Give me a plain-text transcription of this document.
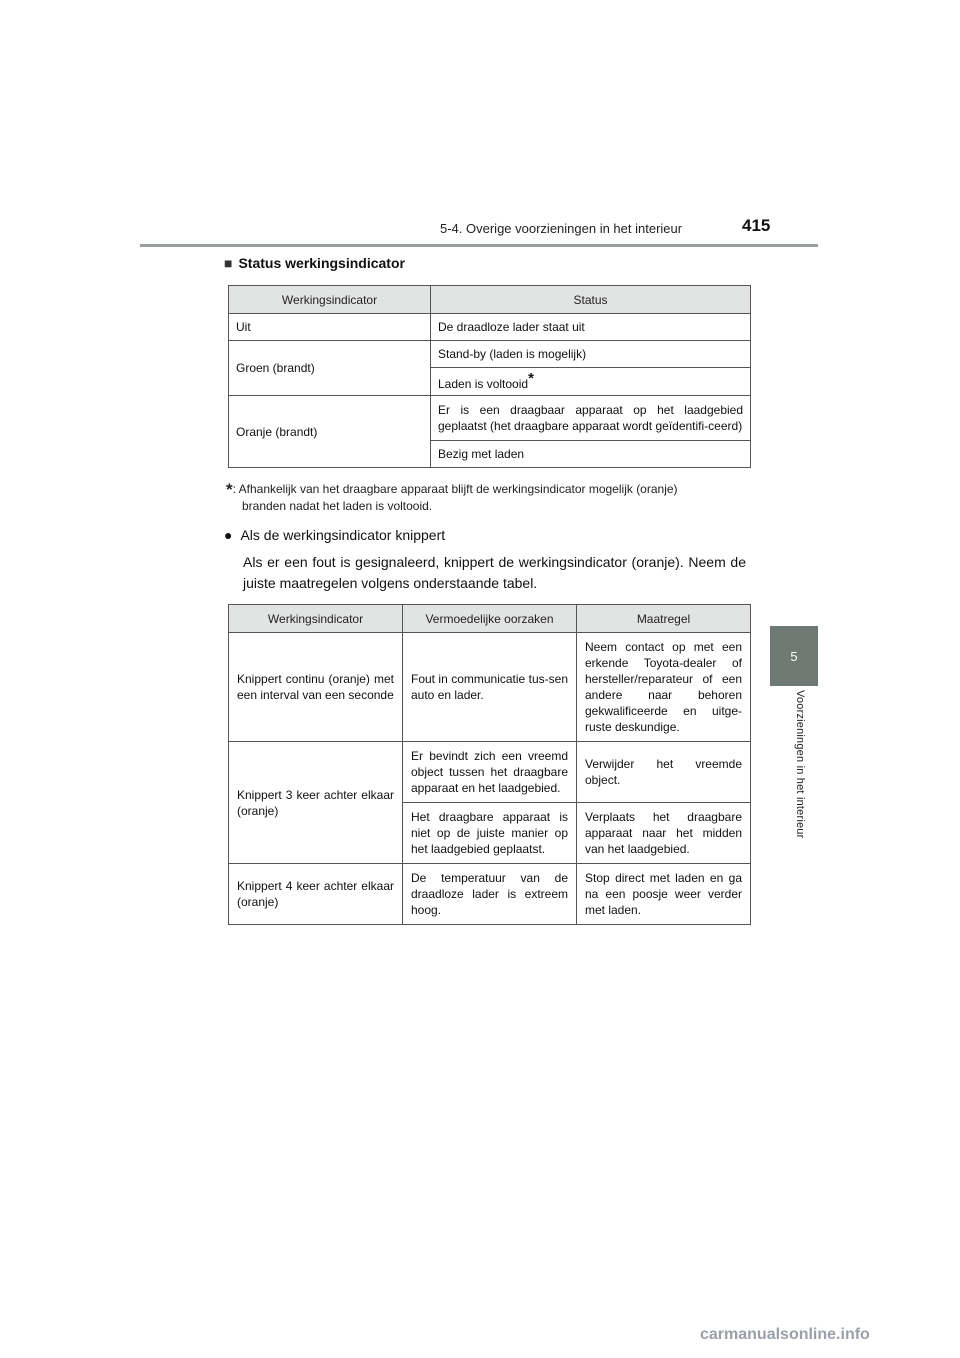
5-4. Overige voorzieningen in het interieur	415
5
Voorzieningen in het interieur
■ Status werkingsindicator
Werkingsindicator	Status
Uit	De draadloze lader staat uit
Groen (brandt)	Stand-by (laden is mogelijk)
	Laden is voltooid*
Oranje (brandt)	Er is een draagbaar apparaat op het laadgebied geplaatst (het draagbare apparaat wordt geïdentifi-ceerd)
	Bezig met laden
*: Afhankelijk van het draagbare apparaat blijft de werkingsindicator mogelijk (oranje)
branden nadat het laden is voltooid.
● Als de werkingsindicator knippert
Als er een fout is gesignaleerd, knippert de werkingsindicator (oranje). Neem de juiste maatregelen volgens onderstaande tabel.
Werkingsindicator	Vermoedelijke oorzaken	Maatregel
Knippert continu (oranje) met een interval van een seconde	Fout in communicatie tus-sen auto en lader.	Neem contact op met een erkende Toyota-dealer of hersteller/reparateur of een andere naar behoren gekwalificeerde en uitge-ruste deskundige.
Knippert 3 keer achter elkaar (oranje)	Er bevindt zich een vreemd object tussen het draagbare apparaat en het laadgebied.	Verwijder het vreemde object.
	Het draagbare apparaat is niet op de juiste manier op het laadgebied geplaatst.	Verplaats het draagbare apparaat naar het midden van het laadgebied.
Knippert 4 keer achter elkaar (oranje)	De temperatuur van de draadloze lader is extreem hoog.	Stop direct met laden en ga na een poosje weer verder met laden.
carmanualsonline.info
